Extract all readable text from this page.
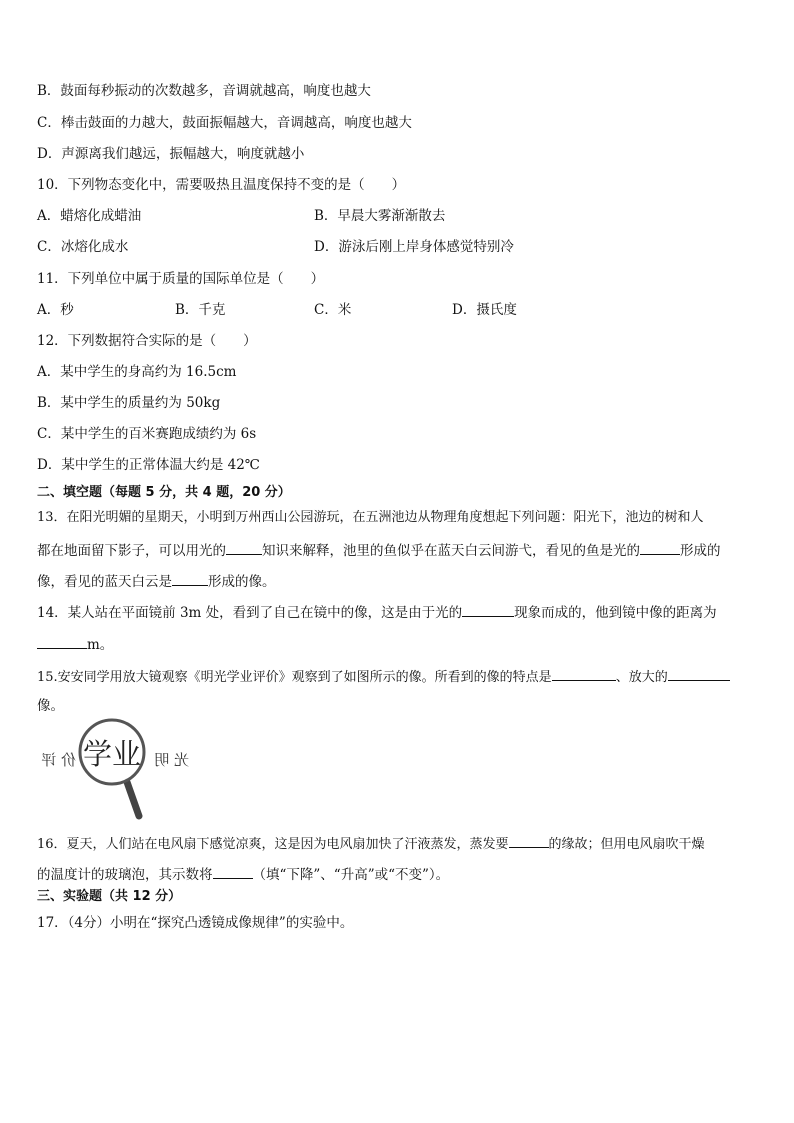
B．鼓面每秒振动的次数越多，音调就越高，响度也越大
C．棒击鼓面的力越大，鼓面振幅越大，音调越高，响度也越大
D．声源离我们越远，振幅越大，响度就越小
10．下列物态变化中，需要吸热且温度保持不变的是（　　）
A．蜡熔化成蜡油	B．早晨大雾渐渐散去
C．冰熔化成水	D．游泳后刚上岸身体感觉特别冷
11．下列单位中属于质量的国际单位是（　　）
A．秒	B．千克	C．米	D．摄氏度
12．下列数据符合实际的是（　　）
A．某中学生的身高约为 16.5cm
B．某中学生的质量约为 50kg
C．某中学生的百米赛跑成绩约为 6s
D．某中学生的正常体温大约是 42℃
二、填空题（每题 5 分，共 4 题，20 分）
13．在阳光明媚的星期天，小明到万州西山公园游玩，在五洲池边从物理角度想起下列问题：阳光下，池边的树和人
都在地面留下影子，可以用光的	知识来解释，池里的鱼似乎在蓝天白云间游弋，看见的鱼是光的	形成的
像，看见的蓝天白云是	形成的像。
14．某人站在平面镜前 3m 处，看到了自己在镜中的像，这是由于光的	现象而成的，他到镜中像的距离为
m。
15.安安同学用放大镜观察《明光学业评价》观察到了如图所示的像。所看到的像的特点是	、放大的
像。
价 评	光 明
学业
16．夏天，人们站在电风扇下感觉凉爽，这是因为电风扇加快了汗液蒸发，蒸发要	的缘故；但用电风扇吹干燥
的温度计的玻璃泡，其示数将	（填“下降”、“升高”或“不变”）。
三、实验题（共 12 分）
17．（4分）小明在“探究凸透镜成像规律”的实验中。
